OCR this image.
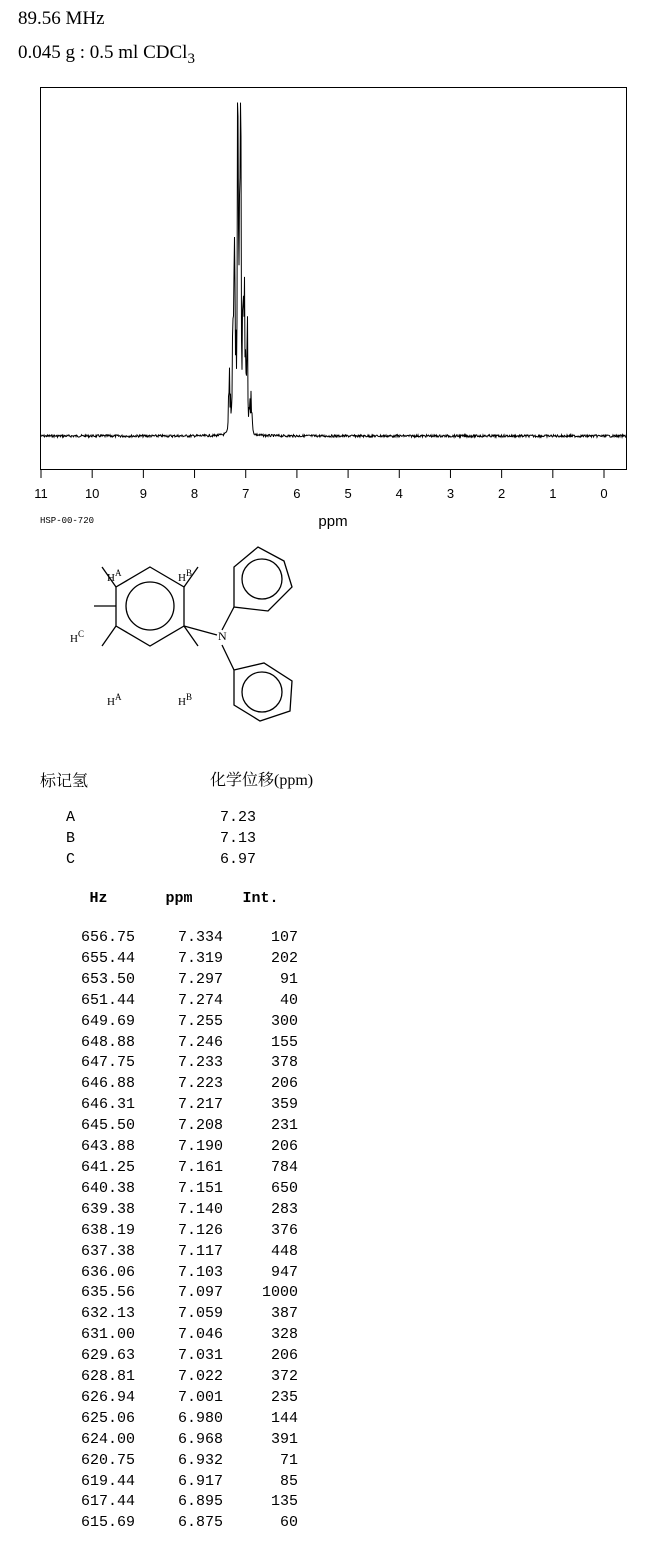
89.56 MHz
0.045 g : 0.5 ml CDCl$_3$
11	10	9	8	7	6	5	4	3	2	1	0
ppm
HSP-00-720
N
$H^A$	$H^B$
$H^C$
$H^A$	$H^B$
标记氢	化学位移(ppm)
A	7.23
B	7.13
C	6.97
Hz	ppm	Int.
656.75	7.334	107
655.44	7.319	202
653.50	7.297	91
651.44	7.274	40
649.69	7.255	300
648.88	7.246	155
647.75	7.233	378
646.88	7.223	206
646.31	7.217	359
645.50	7.208	231
643.88	7.190	206
641.25	7.161	784
640.38	7.151	650
639.38	7.140	283
638.19	7.126	376
637.38	7.117	448
636.06	7.103	947
635.56	7.097	1000
632.13	7.059	387
631.00	7.046	328
629.63	7.031	206
628.81	7.022	372
626.94	7.001	235
625.06	6.980	144
624.00	6.968	391
620.75	6.932	71
619.44	6.917	85
617.44	6.895	135
615.69	6.875	60
